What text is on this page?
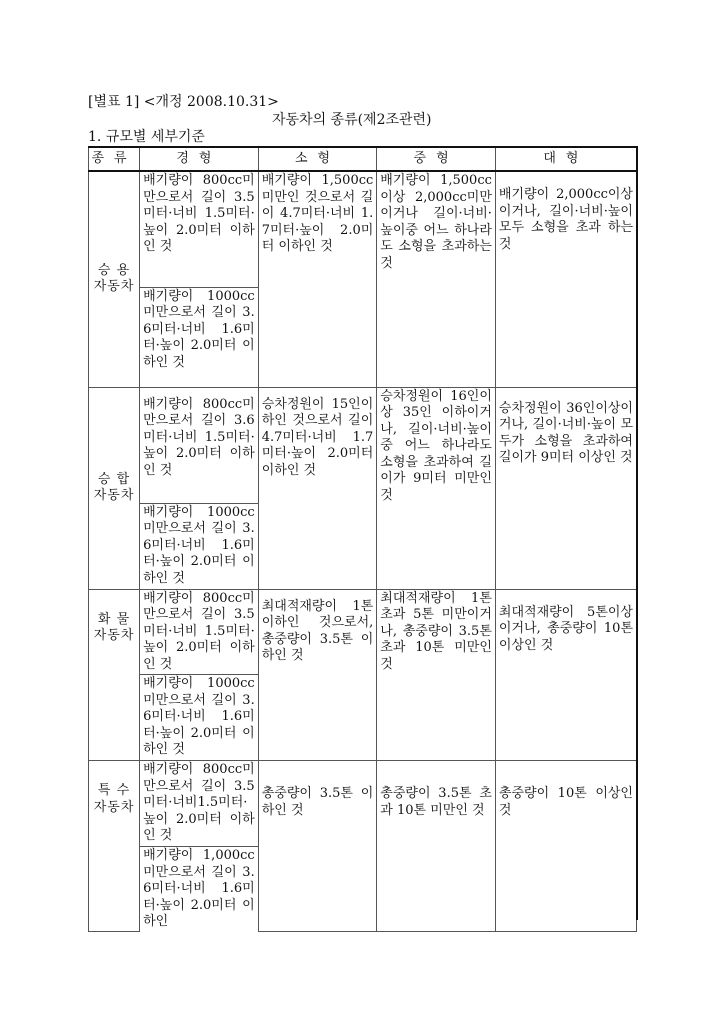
[별표 1] <개정 2008.10.31>
자동차의 종류(제2조관련)
1. 규모별 세부기준
종류	경형	소형	중형	대형
승 용
자동차	배기량이 800cc미만으로서 길이 3.5미터·너비 1.5미터·높이 2.0미터 이하인 것	배기량이 1,500cc미만인 것으로서 길이 4.7미터·너비 1.7미터·높이 2.0미터 이하인 것	배기량이 1,500cc이상 2,000cc미만이거나 길이·너비·높이중 어느 하나라도 소형을 초과하는 것	배기량이 2,000cc이상이거나, 길이·너비·높이 모두 소형을 초과 하는 것

	배기량이 1000cc미만으로서 길이 3.6미터·너비 1.6미터·높이 2.0미터 이하인 것			
승 합
자동차	배기량이 800cc미만으로서 길이 3.6미터·너비 1.5미터·높이 2.0미터 이하인 것	승차정원이 15인이하인 것으로서 길이 4.7미터·너비 1.7미터·높이 2.0미터 이하인 것	승차정원이 16인이상 35인 이하이거나, 길이·너비·높이중 어느 하나라도 소형을 초과하여 길이가 9미터 미만인 것	승차정원이 36인이상이거나, 길이·너비·높이 모두가 소형을 초과하여 길이가 9미터 이상인 것

	배기량이 1000cc미만으로서 길이 3.6미터·너비 1.6미터·높이 2.0미터 이하인 것			
화 물
자동차	배기량이 800cc미만으로서 길이 3.5미터·너비 1.5미터·높이 2.0미터 이하인 것	최대적재량이 1톤이하인 것으로서, 총중량이 3.5톤 이하인 것	최대적재량이 1톤초과 5톤 미만이거나, 총중량이 3.5톤 초과 10톤 미만인 것	최대적재량이 5톤이상이거나, 총중량이 10톤 이상인 것

	배기량이 1000cc미만으로서 길이 3.6미터·너비 1.6미터·높이 2.0미터 이하인 것			
특 수
자동차	배기량이 800cc미만으로서 길이 3.5미터·너비1.5미터·높이 2.0미터 이하인 것	총중량이 3.5톤 이하인 것	총중량이 3.5톤 초과 10톤 미만인 것	총중량이 10톤 이상인 것

	배기량이 1,000cc미만으로서 길이 3.6미터·너비 1.6미터·높이 2.0미터 이하인			
